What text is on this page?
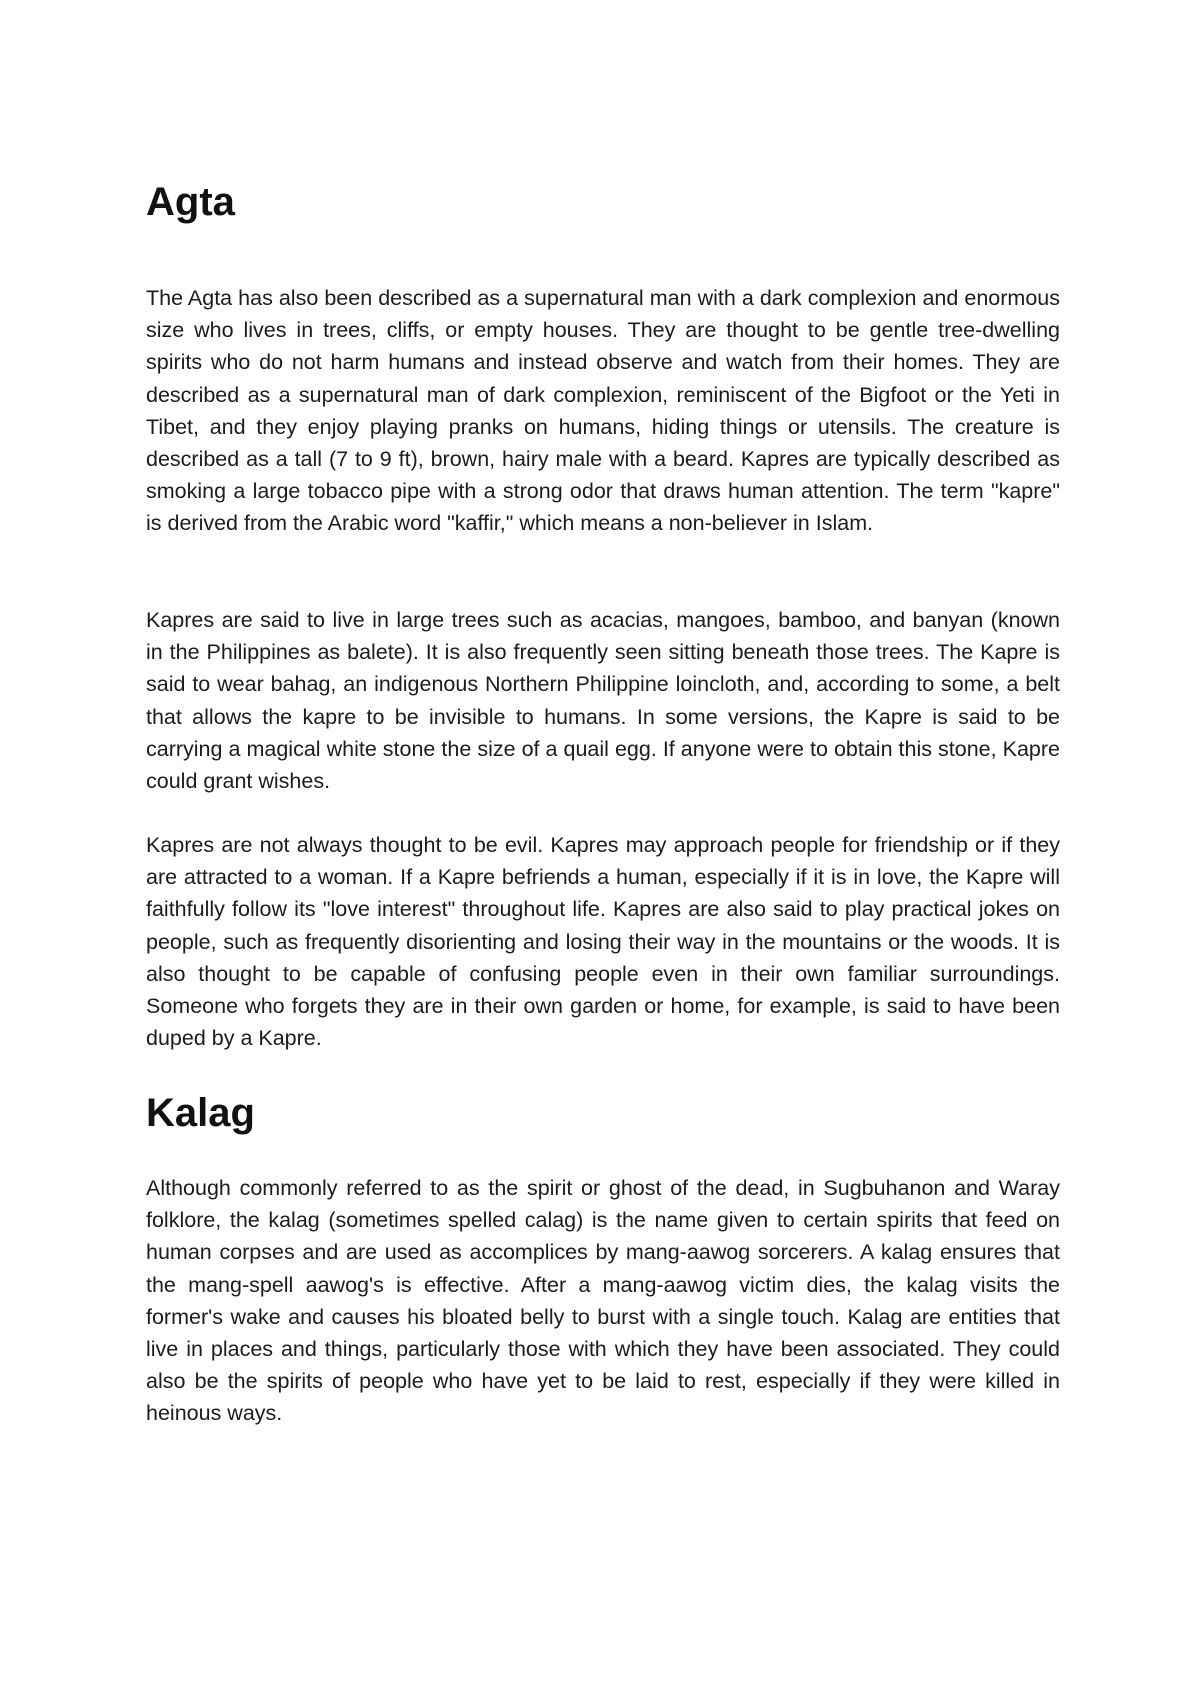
Agta

The Agta has also been described as a supernatural man with a dark complexion and enormous size who lives in trees, cliffs, or empty houses. They are thought to be gentle tree-dwelling spirits who do not harm humans and instead observe and watch from their homes. They are described as a supernatural man of dark complexion, reminiscent of the Bigfoot or the Yeti in Tibet, and they enjoy playing pranks on humans, hiding things or utensils. The creature is described as a tall (7 to 9 ft), brown, hairy male with a beard. Kapres are typically described as smoking a large tobacco pipe with a strong odor that draws human attention. The term "kapre" is derived from the Arabic word "kaffir," which means a non-believer in Islam.

Kapres are said to live in large trees such as acacias, mangoes, bamboo, and banyan (known in the Philippines as balete). It is also frequently seen sitting beneath those trees. The Kapre is said to wear bahag, an indigenous Northern Philippine loincloth, and, according to some, a belt that allows the kapre to be invisible to humans. In some versions, the Kapre is said to be carrying a magical white stone the size of a quail egg. If anyone were to obtain this stone, Kapre could grant wishes.

Kapres are not always thought to be evil. Kapres may approach people for friendship or if they are attracted to a woman. If a Kapre befriends a human, especially if it is in love, the Kapre will faithfully follow its "love interest" throughout life. Kapres are also said to play practical jokes on people, such as frequently disorienting and losing their way in the mountains or the woods. It is also thought to be capable of confusing people even in their own familiar surroundings. Someone who forgets they are in their own garden or home, for example, is said to have been duped by a Kapre.

Kalag

Although commonly referred to as the spirit or ghost of the dead, in Sugbuhanon and Waray folklore, the kalag (sometimes spelled calag) is the name given to certain spirits that feed on human corpses and are used as accomplices by mang-aawog sorcerers. A kalag ensures that the mang-spell aawog's is effective. After a mang-aawog victim dies, the kalag visits the former's wake and causes his bloated belly to burst with a single touch. Kalag are entities that live in places and things, particularly those with which they have been associated. They could also be the spirits of people who have yet to be laid to rest, especially if they were killed in heinous ways.
